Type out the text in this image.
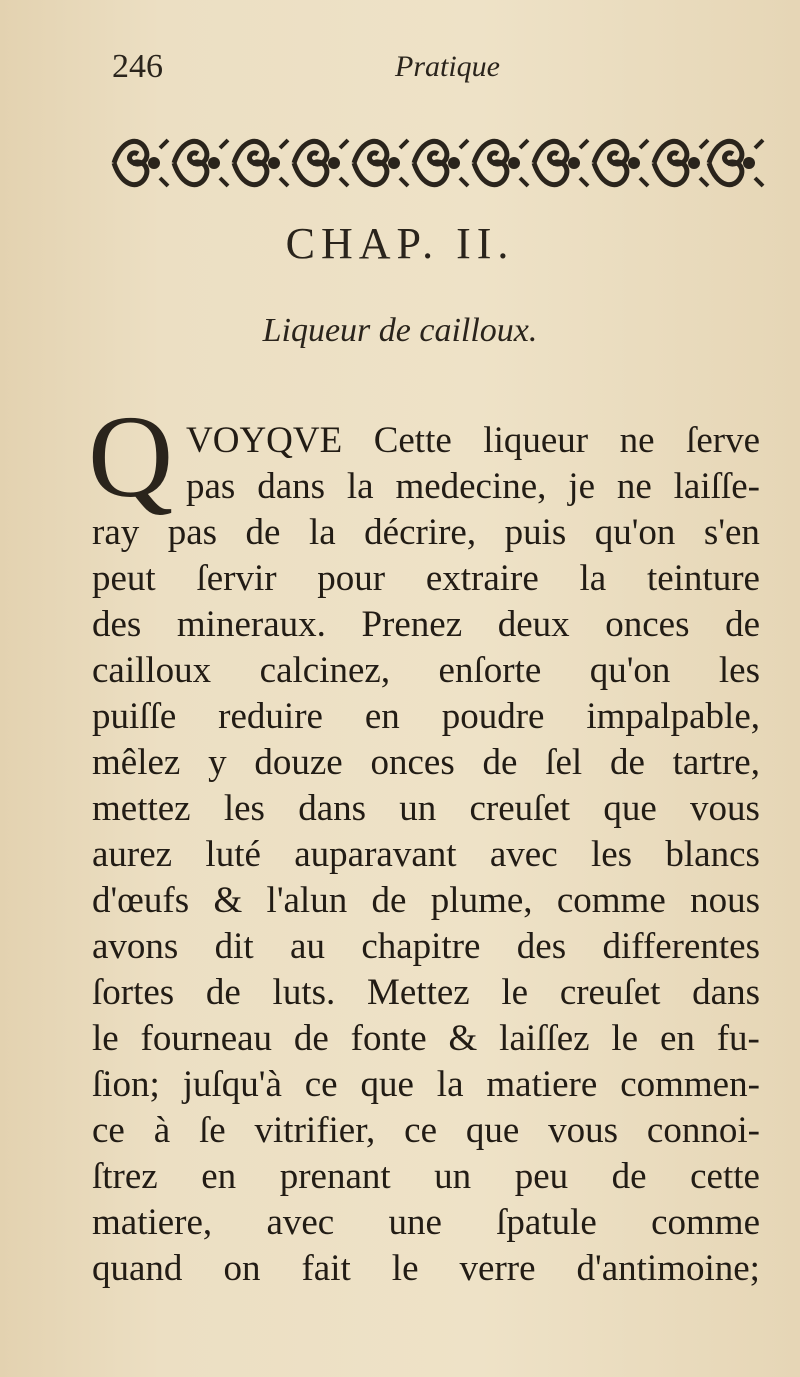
246	Pratique
CHAP. II.
Liqueur de cailloux.
Q VOYQVE Cette liqueur ne ſerve

pas dans la medecine, je ne laiſſe-

ray pas de la décrire, puis qu'on s'en

peut ſervir pour extraire la teinture

des mineraux. Prenez deux onces de

cailloux calcinez, enſorte qu'on les

puiſſe reduire en poudre impalpable,

mêlez y douze onces de ſel de tartre,

mettez les dans un creuſet que vous

aurez luté auparavant avec les blancs

d'œufs & l'alun de plume, comme nous

avons dit au chapitre des differentes

ſortes de luts. Mettez le creuſet dans

le fourneau de fonte & laiſſez le en fu-

ſion; juſqu'à ce que la matiere commen-

ce à ſe vitrifier, ce que vous connoi-

ſtrez en prenant un peu de cette

matiere, avec une ſpatule comme

quand on fait le verre d'antimoine;
